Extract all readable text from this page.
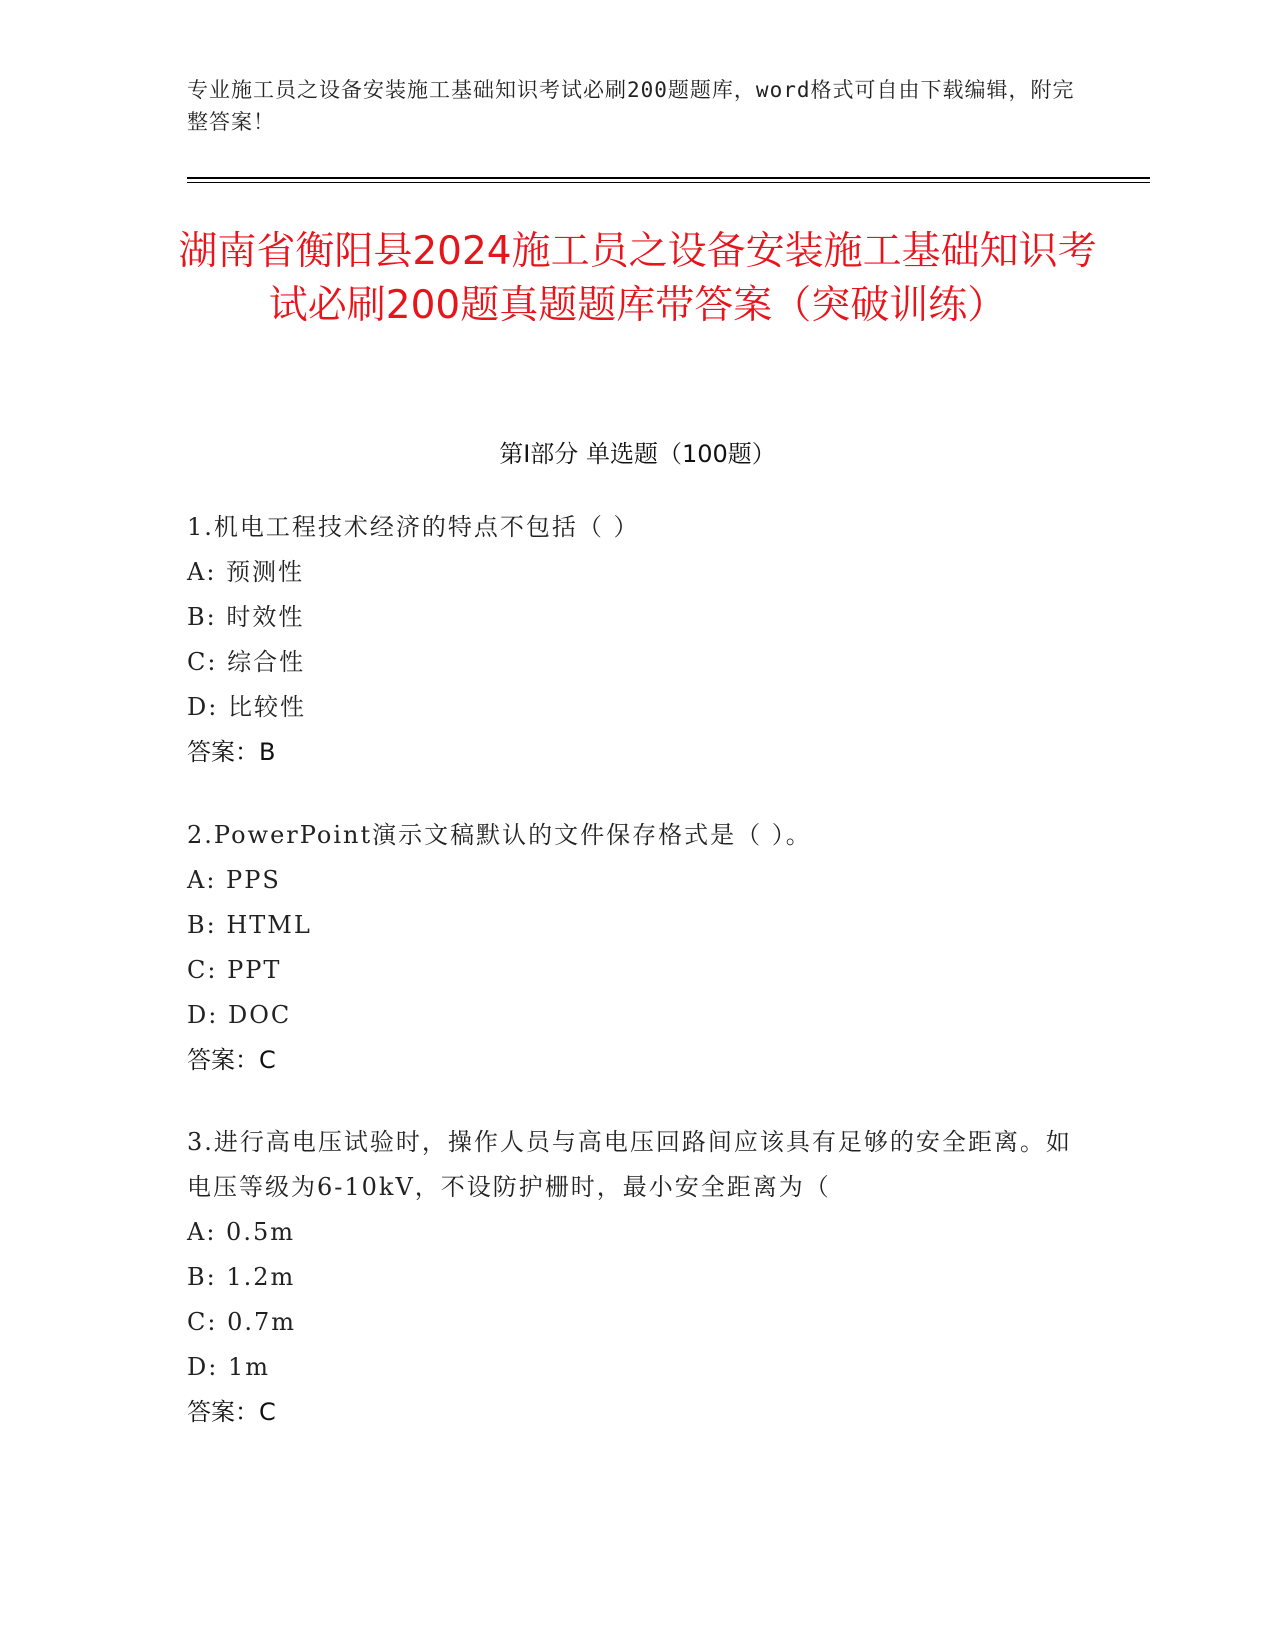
专业施工员之设备安装施工基础知识考试必刷200题题库，word格式可自由下载编辑，附完整答案！
湖南省衡阳县2024施工员之设备安装施工基础知识考试必刷200题真题题库带答案（突破训练）
第Ⅰ部分 单选题（100题）
1.机电工程技术经济的特点不包括（ ）
A: 预测性
B: 时效性
C: 综合性
D: 比较性
答案：B
2.PowerPoint演示文稿默认的文件保存格式是（ ）。
A: PPS
B: HTML
C: PPT
D: DOC
答案：C
3.进行高电压试验时，操作人员与高电压回路间应该具有足够的安全距离。如电压等级为6-10kV，不设防护栅时，最小安全距离为（
A: 0.5m
B: 1.2m
C: 0.7m
D: 1m
答案：C
